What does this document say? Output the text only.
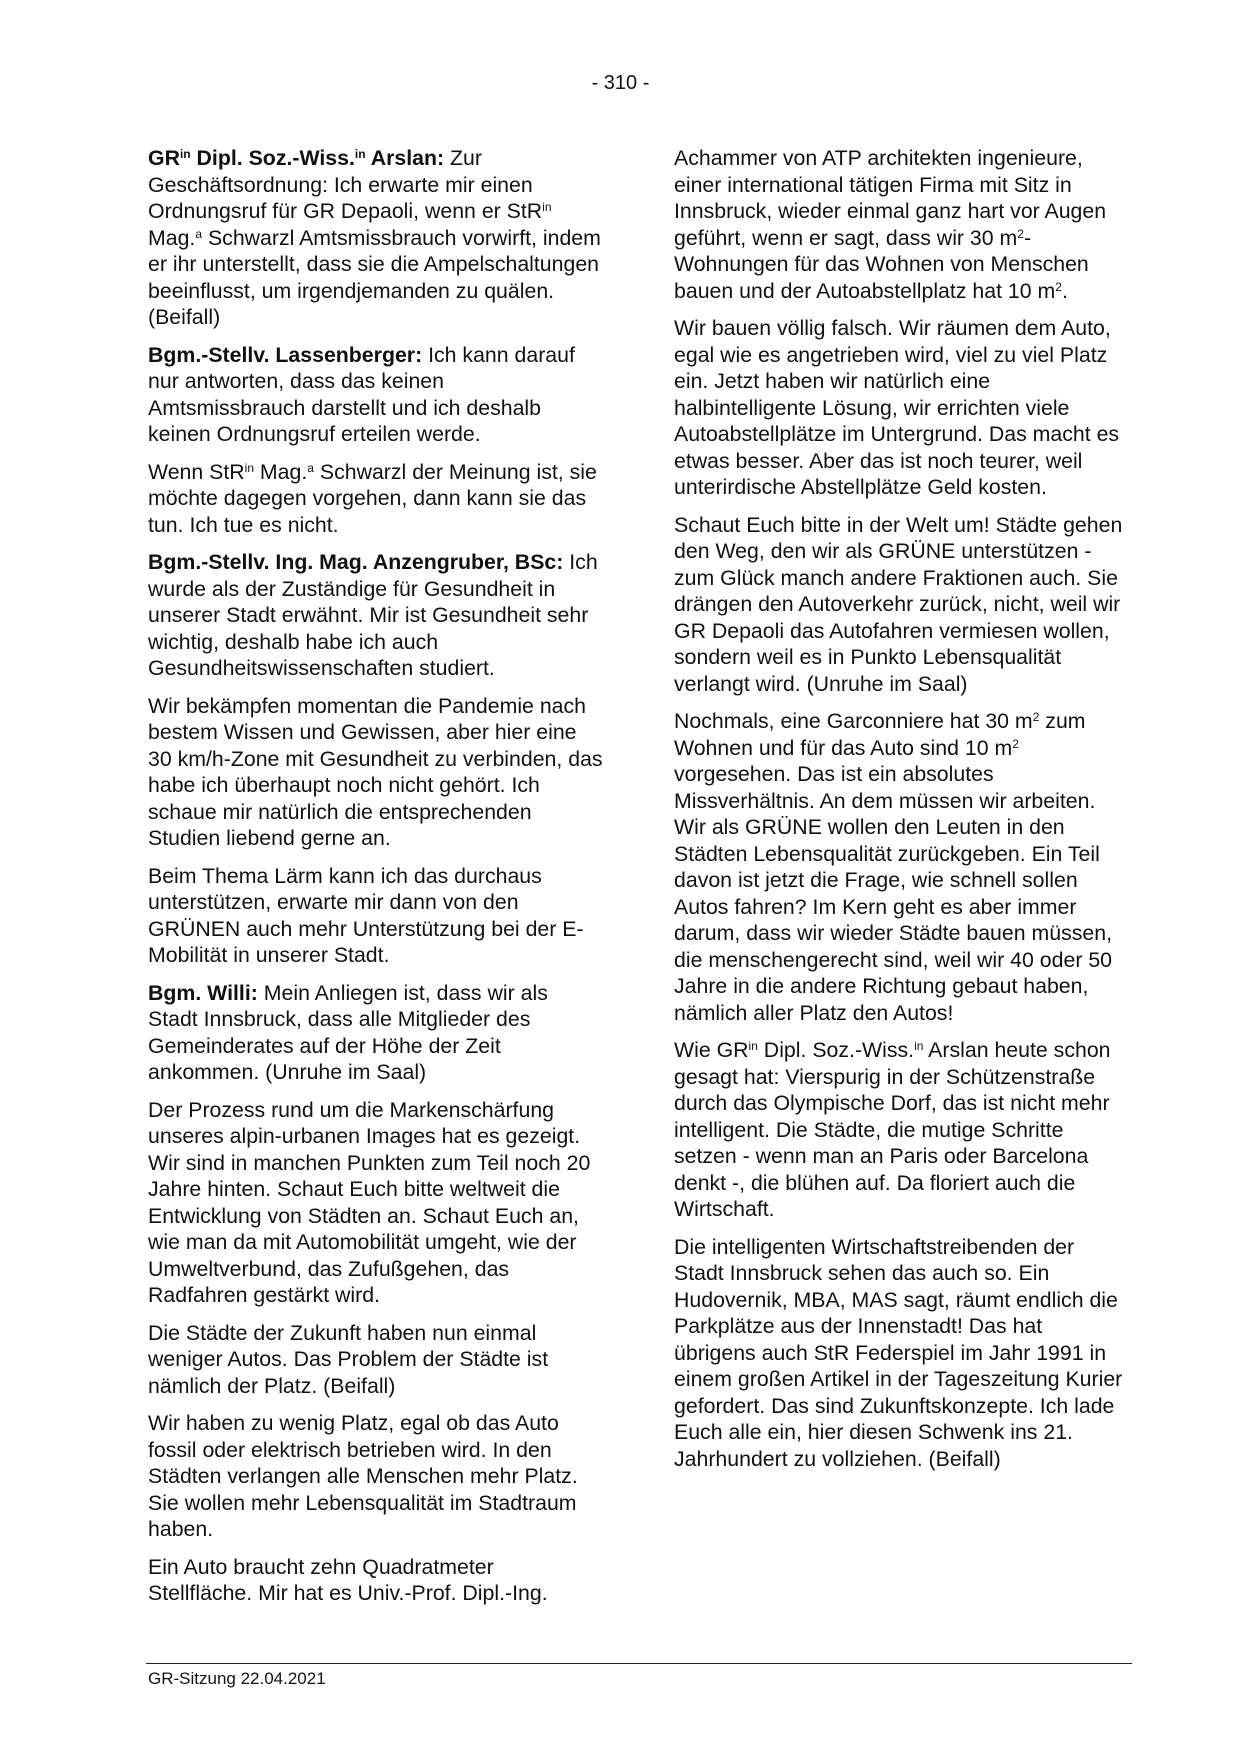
- 310 -

$GR^{in}$ Dipl. Soz.-Wiss.$^{in}$ Arslan: Zur Geschäftsordnung: Ich erwarte mir einen Ordnungsruf für GR Depaoli, wenn er StR$^{in}$ Mag.$^a$ Schwarzl Amtsmissbrauch vorwirft, indem er ihr unterstellt, dass sie die Ampelschaltungen beeinflusst, um irgendjemanden zu quälen. (Beifall)

Bgm.-Stellv. Lassenberger: Ich kann darauf nur antworten, dass das keinen Amtsmissbrauch darstellt und ich deshalb keinen Ordnungsruf erteilen werde.

Wenn StR$^{in}$ Mag.$^a$ Schwarzl der Meinung ist, sie möchte dagegen vorgehen, dann kann sie das tun. Ich tue es nicht.

Bgm.-Stellv. Ing. Mag. Anzengruber, BSc: Ich wurde als der Zuständige für Gesundheit in unserer Stadt erwähnt. Mir ist Gesundheit sehr wichtig, deshalb habe ich auch Gesundheitswissenschaften studiert.

Wir bekämpfen momentan die Pandemie nach bestem Wissen und Gewissen, aber hier eine 30 km/h-Zone mit Gesundheit zu verbinden, das habe ich überhaupt noch nicht gehört. Ich schaue mir natürlich die entsprechenden Studien liebend gerne an.

Beim Thema Lärm kann ich das durchaus unterstützen, erwarte mir dann von den GRÜNEN auch mehr Unterstützung bei der E-Mobilität in unserer Stadt.

Bgm. Willi: Mein Anliegen ist, dass wir als Stadt Innsbruck, dass alle Mitglieder des Gemeinderates auf der Höhe der Zeit ankommen. (Unruhe im Saal)

Der Prozess rund um die Markenschärfung unseres alpin-urbanen Images hat es gezeigt. Wir sind in manchen Punkten zum Teil noch 20 Jahre hinten. Schaut Euch bitte weltweit die Entwicklung von Städten an. Schaut Euch an, wie man da mit Automobilität umgeht, wie der Umweltverbund, das Zufußgehen, das Radfahren gestärkt wird.

Die Städte der Zukunft haben nun einmal weniger Autos. Das Problem der Städte ist nämlich der Platz. (Beifall)

Wir haben zu wenig Platz, egal ob das Auto fossil oder elektrisch betrieben wird. In den Städten verlangen alle Menschen mehr Platz. Sie wollen mehr Lebensqualität im Stadtraum haben.

Ein Auto braucht zehn Quadratmeter Stellfläche. Mir hat es Univ.-Prof. Dipl.-Ing.

Achammer von ATP architekten ingenieure, einer international tätigen Firma mit Sitz in Innsbruck, wieder einmal ganz hart vor Augen geführt, wenn er sagt, dass wir 30 $m^2$-Wohnungen für das Wohnen von Menschen bauen und der Autoabstellplatz hat 10 $m^2$.

Wir bauen völlig falsch. Wir räumen dem Auto, egal wie es angetrieben wird, viel zu viel Platz ein. Jetzt haben wir natürlich eine halbintelligente Lösung, wir errichten viele Autoabstellplätze im Untergrund. Das macht es etwas besser. Aber das ist noch teurer, weil unterirdische Abstellplätze Geld kosten.

Schaut Euch bitte in der Welt um! Städte gehen den Weg, den wir als GRÜNE unterstützen - zum Glück manch andere Fraktionen auch. Sie drängen den Autoverkehr zurück, nicht, weil wir GR Depaoli das Autofahren vermiesen wollen, sondern weil es in Punkto Lebensqualität verlangt wird. (Unruhe im Saal)

Nochmals, eine Garconniere hat 30 $m^2$ zum Wohnen und für das Auto sind 10 $m^2$ vorgesehen. Das ist ein absolutes Missverhältnis. An dem müssen wir arbeiten. Wir als GRÜNE wollen den Leuten in den Städten Lebensqualität zurückgeben. Ein Teil davon ist jetzt die Frage, wie schnell sollen Autos fahren? Im Kern geht es aber immer darum, dass wir wieder Städte bauen müssen, die menschengerecht sind, weil wir 40 oder 50 Jahre in die andere Richtung gebaut haben, nämlich aller Platz den Autos!

Wie $GR^{in}$ Dipl. Soz.-Wiss.$^{in}$ Arslan heute schon gesagt hat: Vierspurig in der Schützenstraße durch das Olympische Dorf, das ist nicht mehr intelligent. Die Städte, die mutige Schritte setzen - wenn man an Paris oder Barcelona denkt -, die blühen auf. Da floriert auch die Wirtschaft.

Die intelligenten Wirtschaftstreibenden der Stadt Innsbruck sehen das auch so. Ein Hudovernik, MBA, MAS sagt, räumt endlich die Parkplätze aus der Innenstadt! Das hat übrigens auch StR Federspiel im Jahr 1991 in einem großen Artikel in der Tageszeitung Kurier gefordert. Das sind Zukunftskonzepte. Ich lade Euch alle ein, hier diesen Schwenk ins 21. Jahrhundert zu vollziehen. (Beifall)

GR-Sitzung 22.04.2021
